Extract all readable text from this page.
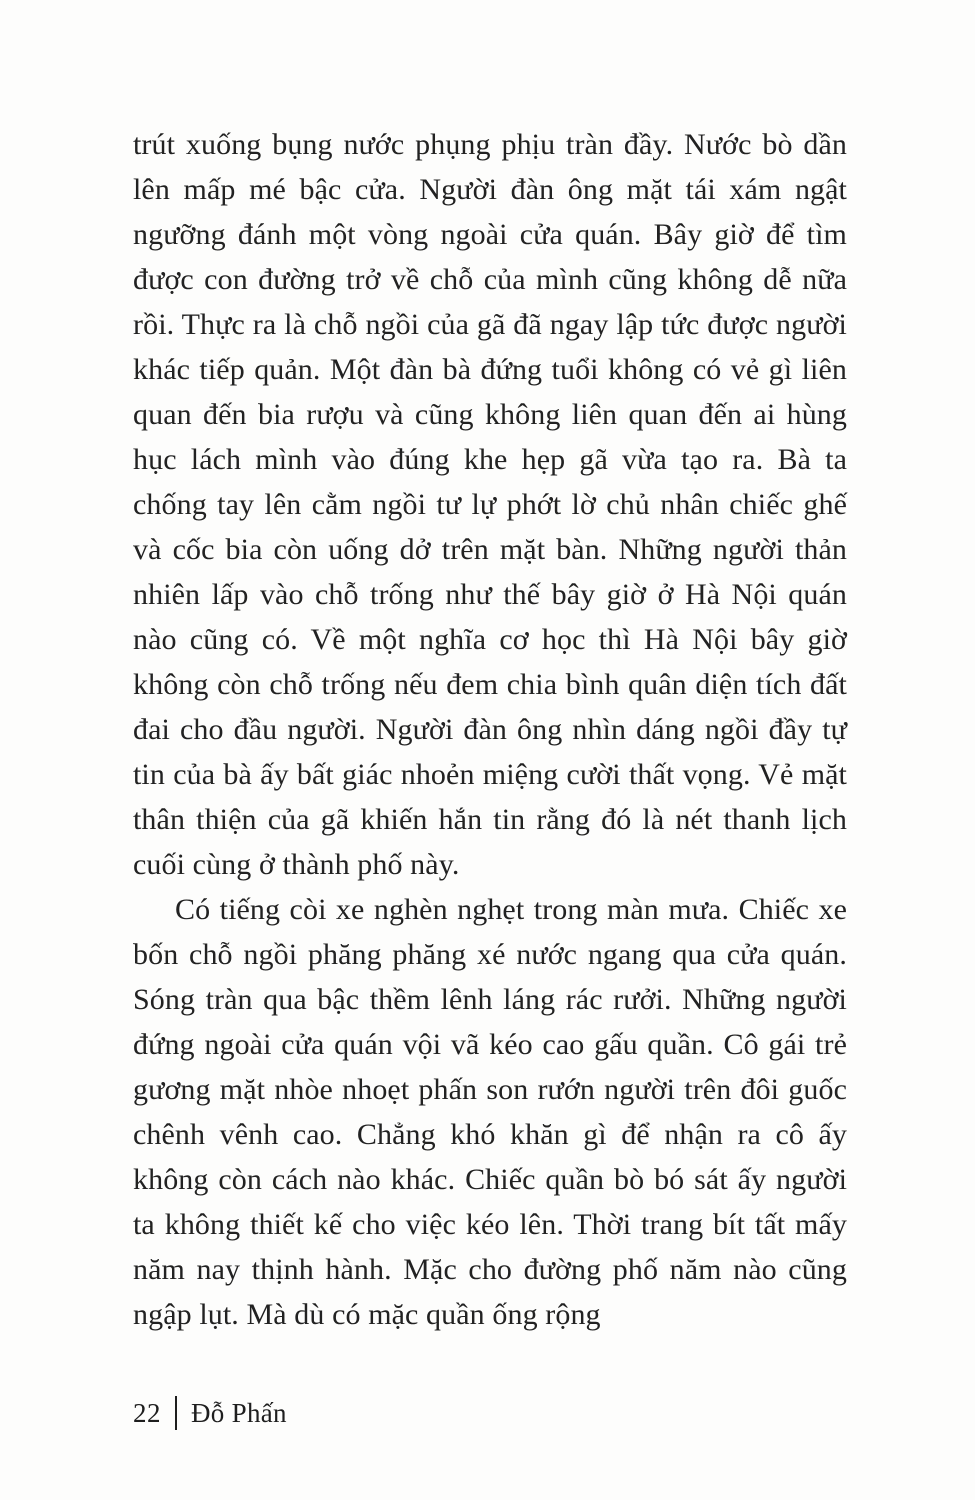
trút xuống bụng nước phụng phịu tràn đầy. Nước bò dần lên mấp mé bậc cửa. Người đàn ông mặt tái xám ngật ngưỡng đánh một vòng ngoài cửa quán. Bây giờ để tìm được con đường trở về chỗ của mình cũng không dễ nữa rồi. Thực ra là chỗ ngồi của gã đã ngay lập tức được người khác tiếp quản. Một đàn bà đứng tuổi không có vẻ gì liên quan đến bia rượu và cũng không liên quan đến ai hùng hục lách mình vào đúng khe hẹp gã vừa tạo ra. Bà ta chống tay lên cằm ngồi tư lự phớt lờ chủ nhân chiếc ghế và cốc bia còn uống dở trên mặt bàn. Những người thản nhiên lấp vào chỗ trống như thế bây giờ ở Hà Nội quán nào cũng có. Về một nghĩa cơ học thì Hà Nội bây giờ không còn chỗ trống nếu đem chia bình quân diện tích đất đai cho đầu người. Người đàn ông nhìn dáng ngồi đầy tự tin của bà ấy bất giác nhoẻn miệng cười thất vọng. Vẻ mặt thân thiện của gã khiến hắn tin rằng đó là nét thanh lịch cuối cùng ở thành phố này.

Có tiếng còi xe nghèn nghẹt trong màn mưa. Chiếc xe bốn chỗ ngồi phăng phăng xé nước ngang qua cửa quán. Sóng tràn qua bậc thềm lênh láng rác rưởi. Những người đứng ngoài cửa quán vội vã kéo cao gấu quần. Cô gái trẻ gương mặt nhòe nhoẹt phấn son rướn người trên đôi guốc chênh vênh cao. Chẳng khó khăn gì để nhận ra cô ấy không còn cách nào khác. Chiếc quần bò bó sát ấy người ta không thiết kế cho việc kéo lên. Thời trang bít tất mấy năm nay thịnh hành. Mặc cho đường phố năm nào cũng ngập lụt. Mà dù có mặc quần ống rộng

22 Đỗ Phấn
